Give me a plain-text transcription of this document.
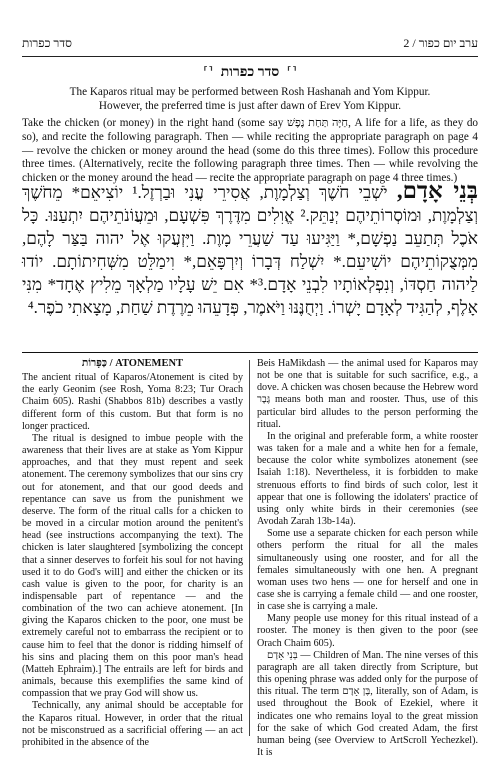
סדר כפרות	2 / ערב יום כפור
⸢⸣ סדר כפרות ⸢⸣
The Kaparos ritual may be performed between Rosh Hashanah and Yom Kippur.
However, the preferred time is just after dawn of Erev Yom Kippur.
Take the chicken (or money) in the right hand (some say חַיָּה תַּחַת נֶפֶשׁ, A life for a life, as they do so), and recite the following paragraph. Then — while reciting the appropriate paragraph on page 4 — revolve the chicken or money around the head (some do this three times). Follow this procedure three times. (Alternatively, recite the following paragraph three times. Then — while revolving the chicken or the money around the head — recite the appropriate paragraph on page 4 three times.)
בְּנֵי אָדָם, יֹשְׁבֵי חֹשֶׁךְ וְצַלְמָוֶת, אֲסִירֵי עֳנִי וּבַרְזֶל.¹ יוֹצִיאֵם* מֵחֹשֶׁךְ וְצַלְמָוֶת, וּמוֹסְרוֹתֵיהֶם יְנַתֵּק.² אֱוִלִים מִדֶּרֶךְ פִּשְׁעָם, וּמֵעֲוֹנֹתֵיהֶם יִתְעַנּוּ. כָּל אֹכֶל תְּתַעֵב נַפְשָׁם,* וַיַּגִּיעוּ עַד שַׁעֲרֵי מָוֶת. וַיִּזְעֲקוּ אֶל יהוה בַּצַּר לָהֶם, מִמְּצֻקוֹתֵיהֶם יוֹשִׁיעֵם.* יִשְׁלַח דְּבָרוֹ וְיִרְפָּאֵם,* וִימַלֵּט מִשְּׁחִיתוֹתָם. יוֹדוּ לַיהוה חַסְדּוֹ, וְנִפְלְאוֹתָיו לִבְנֵי אָדָם.³* אִם יֵשׁ עָלָיו מַלְאָךְ מֵלִיץ אֶחָד* מִנִּי אָלֶף, לְהַגִּיד לְאָדָם יָשְׁרוֹ. וַיְחֻנֶּנּוּ וַיֹּאמֶר, פְּדָעֵהוּ מֵרֶדֶת שַׁחַת, מָצָאתִי כֹפֶר.⁴
כַּפָּרוֹת / ATONEMENT

The ancient ritual of Kaparos/Atonement is cited by the early Geonim (see Rosh, Yoma 8:23; Tur Orach Chaim 605). Rashi (Shabbos 81b) describes a vastly different form of this custom. But that form is no longer practiced.

The ritual is designed to imbue people with the awareness that their lives are at stake as Yom Kippur approaches, and that they must repent and seek atonement. The ceremony symbolizes that our sins cry out for atonement, and that our good deeds and repentance can save us from the punishment we deserve. The form of the ritual calls for a chicken to be moved in a circular motion around the penitent's head (see instructions accompanying the text). The chicken is later slaughtered [symbolizing the concept that a sinner deserves to forfeit his soul for not having used it to do God's will] and either the chicken or its cash value is given to the poor, for charity is an indispensable part of repentance — and the combination of the two can achieve atonement. [In giving the Kaparos chicken to the poor, one must be extremely careful not to embarrass the recipient or to cause him to feel that the donor is ridding himself of his sins and placing them on this poor man's head (Matteh Ephraim).] The entrails are left for birds and animals, because this exemplifies the same kind of compassion that we pray God will show us.

Technically, any animal should be acceptable for the Kaparos ritual. However, in order that the ritual not be misconstrued as a sacrificial offering — an act prohibited in the absence of the

Beis HaMikdash — the animal used for Kaparos may not be one that is suitable for such sacrifice, e.g., a dove. A chicken was chosen because the Hebrew word גֶּבֶר means both man and rooster. Thus, use of this particular bird alludes to the person performing the ritual.

In the original and preferable form, a white rooster was taken for a male and a white hen for a female, because the color white symbolizes atonement (see Isaiah 1:18). Nevertheless, it is forbidden to make strenuous efforts to find birds of such color, lest it appear that one is following the idolaters' practice of using only white birds in their ceremonies (see Avodah Zarah 13b-14a).

Some use a separate chicken for each person while others perform the ritual for all the males simultaneously using one rooster, and for all the females simultaneously with one hen. A pregnant woman uses two hens — one for herself and one in case she is carrying a female child — and one rooster, in case she is carrying a male.

Many people use money for this ritual instead of a rooster. The money is then given to the poor (see Orach Chaim 605).

בְּנֵי אָדָם — Children of Man. The nine verses of this paragraph are all taken directly from Scripture, but this opening phrase was added only for the purpose of this ritual. The term בֶּן אָדָם, literally, son of Adam, is used throughout the Book of Ezekiel, where it indicates one who remains loyal to the great mission for the sake of which God created Adam, the first human being (see Overview to ArtScroll Yechezkel). It is
